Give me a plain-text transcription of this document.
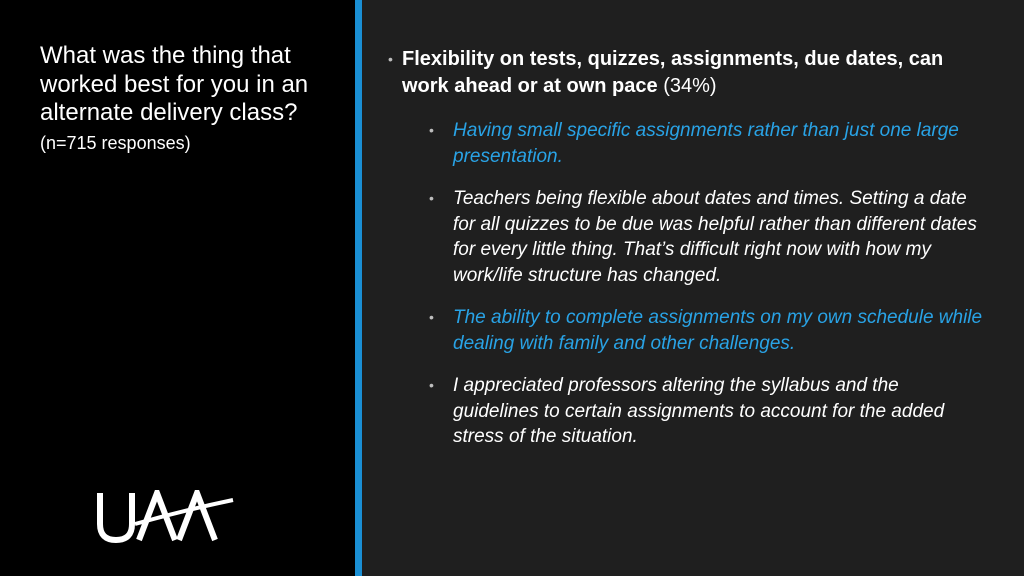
What was the thing that worked best for you in an alternate delivery class? (n=715 responses)
• Flexibility on tests, quizzes, assignments, due dates, can work ahead or at own pace (34%)
• Having small specific assignments rather than just one large presentation.
• Teachers being flexible about dates and times. Setting a date for all quizzes to be due was helpful rather than different dates for every little thing. That’s difficult right now with how my work/life structure has changed.
• The ability to complete assignments on my own schedule while dealing with family and other challenges.
• I appreciated professors altering the syllabus and the guidelines to certain assignments to account for the added stress of the situation.
